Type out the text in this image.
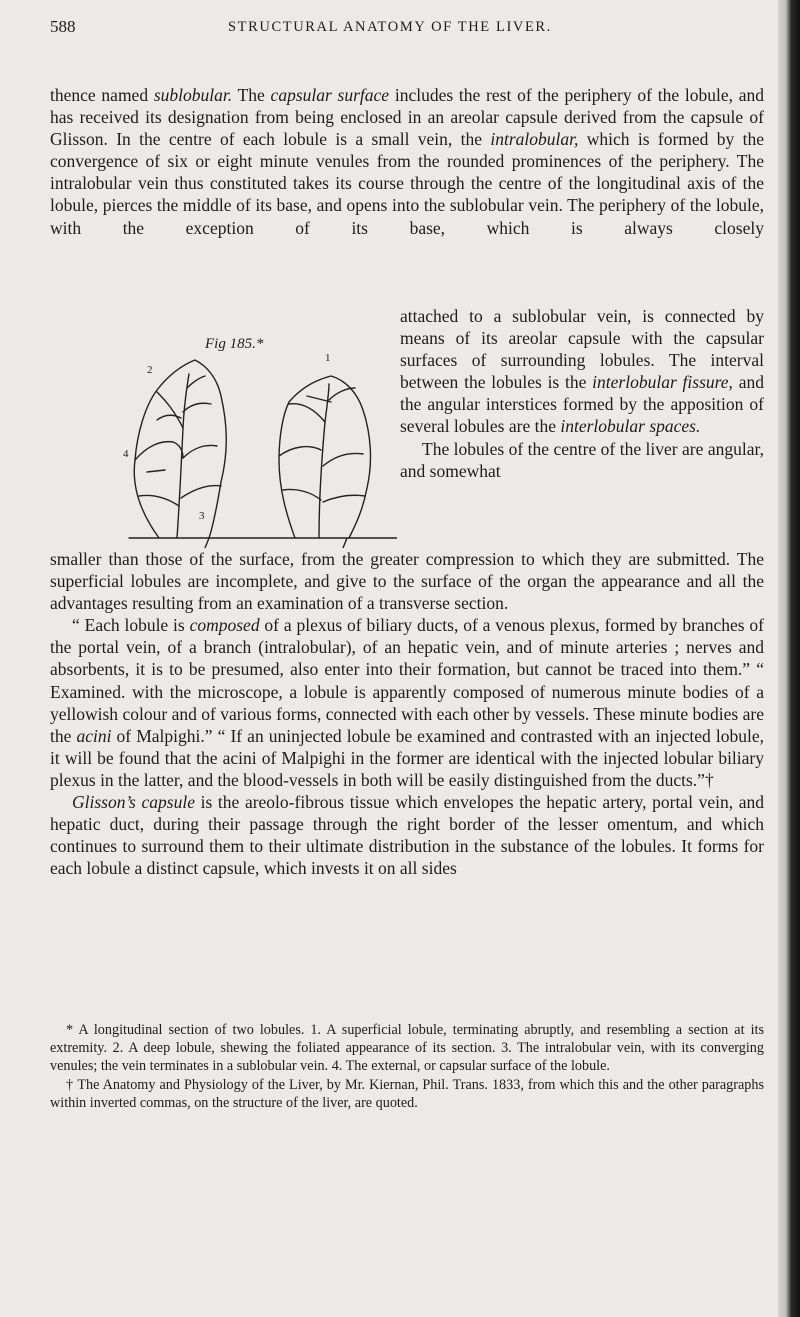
588	STRUCTURAL ANATOMY OF THE LIVER.

thence named sublobular. The capsular surface includes the rest of the periphery of the lobule, and has received its designation from being enclosed in an areolar capsule derived from the capsule of Glisson. In the centre of each lobule is a small vein, the intralobular, which is formed by the convergence of six or eight minute venules from the rounded prominences of the periphery. The intralobular vein thus constituted takes its course through the centre of the longitudinal axis of the lobule, pierces the middle of its base, and opens into the sublobular vein. The periphery of the lobule, with the exception of its base, which is always closely

Fig 185.*
2
1
4
3

attached to a sublobular vein, is connected by means of its areolar capsule with the capsular surfaces of surrounding lobules. The interval between the lobules is the interlobular fissure, and the angular interstices formed by the apposition of several lobules are the interlobular spaces.

The lobules of the centre of the liver are angular, and somewhat

smaller than those of the surface, from the greater compression to which they are submitted. The superficial lobules are incomplete, and give to the surface of the organ the appearance and all the advantages resulting from an examination of a transverse section.

“ Each lobule is composed of a plexus of biliary ducts, of a venous plexus, formed by branches of the portal vein, of a branch (intralobular), of an hepatic vein, and of minute arteries ; nerves and absorbents, it is to be presumed, also enter into their formation, but cannot be traced into them.” “ Examined. with the microscope, a lobule is apparently composed of numerous minute bodies of a yellowish colour and of various forms, connected with each other by vessels. These minute bodies are the acini of Malpighi.” “ If an uninjected lobule be examined and contrasted with an injected lobule, it will be found that the acini of Malpighi in the former are identical with the injected lobular biliary plexus in the latter, and the blood-vessels in both will be easily distinguished from the ducts.”†

Glisson’s capsule is the areolo-fibrous tissue which envelopes the hepatic artery, portal vein, and hepatic duct, during their passage through the right border of the lesser omentum, and which continues to surround them to their ultimate distribution in the substance of the lobules. It forms for each lobule a distinct capsule, which invests it on all sides

* A longitudinal section of two lobules. 1. A superficial lobule, terminating abruptly, and resembling a section at its extremity. 2. A deep lobule, shewing the foliated appearance of its section. 3. The intralobular vein, with its converging venules; the vein terminates in a sublobular vein. 4. The external, or capsular surface of the lobule.

† The Anatomy and Physiology of the Liver, by Mr. Kiernan, Phil. Trans. 1833, from which this and the other paragraphs within inverted commas, on the structure of the liver, are quoted.
